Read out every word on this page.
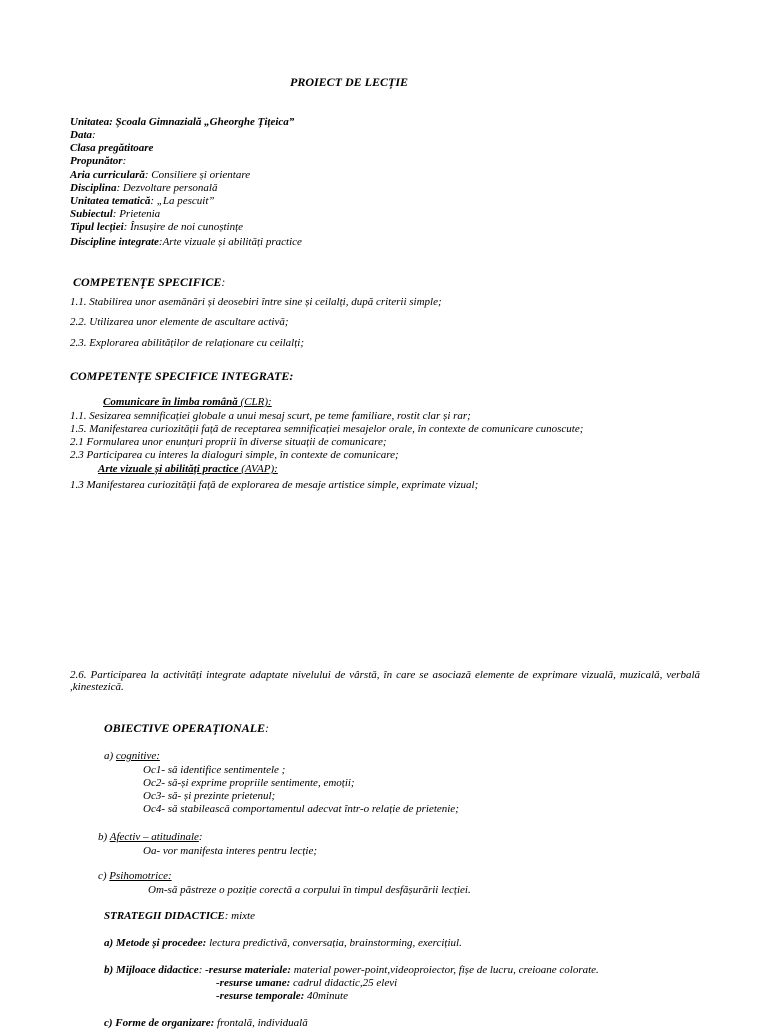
PROIECT DE LECȚIE
Unitatea: Școala Gimnazială „Gheorghe Țițeica”
Data:
Clasa pregătitoare
Propunător:
Aria curriculară: Consiliere și orientare
Disciplina: Dezvoltare personală
Unitatea tematică: „La pescuit”
Subiectul: Prietenia
Tipul lecției: Însușire de noi cunoștințe
Discipline integrate:Arte vizuale și abilități practice
COMPETENȚE SPECIFICE:
1.1. Stabilirea unor asemănări și deosebiri între sine și ceilalți, după criterii simple;
2.2. Utilizarea unor elemente de ascultare activă;
2.3. Explorarea abilităților de relaționare cu ceilalți;
COMPETENȚE SPECIFICE INTEGRATE:
Comunicare în limba română (CLR):
1.1. Sesizarea semnificației globale a unui mesaj scurt, pe teme familiare, rostit clar și rar;
1.5. Manifestarea curiozității față de receptarea semnificației mesajelor orale, în contexte de comunicare cunoscute;
2.1 Formularea unor enunțuri proprii în diverse situații de comunicare;
2.3 Participarea cu interes la dialoguri simple, în contexte de comunicare;
Arte vizuale și abilități practice (AVAP):
1.3 Manifestarea curiozității față de explorarea de mesaje artistice simple, exprimate vizual;
2.6. Participarea la activități integrate adaptate nivelului de vârstă, în care se asociază elemente de exprimare vizuală, muzicală, verbală ,kinestezică.
OBIECTIVE OPERAȚIONALE:
a) cognitive:
Oc1- să identifice sentimentele ;
Oc2- să-și exprime propriile sentimente, emoții;
Oc3- să- și prezinte prietenul;
Oc4- să stabilească comportamentul adecvat într-o relație de prietenie;
b) Afectiv – atitudinale:
Oa- vor manifesta interes pentru lecție;
c) Psihomotrice:
Om-să păstreze o poziție corectă a corpului în timpul desfășurării lecției.
STRATEGII DIDACTICE: mixte
a) Metode și procedee: lectura predictivă, conversația, brainstorming, exercițiul.
b) Mijloace didactice: -resurse materiale: material power-point,videoproiector, fișe de lucru, creioane colorate.
-resurse umane: cadrul didactic,25 elevi
-resurse temporale: 40minute
c) Forme de organizare: frontală, individuală
